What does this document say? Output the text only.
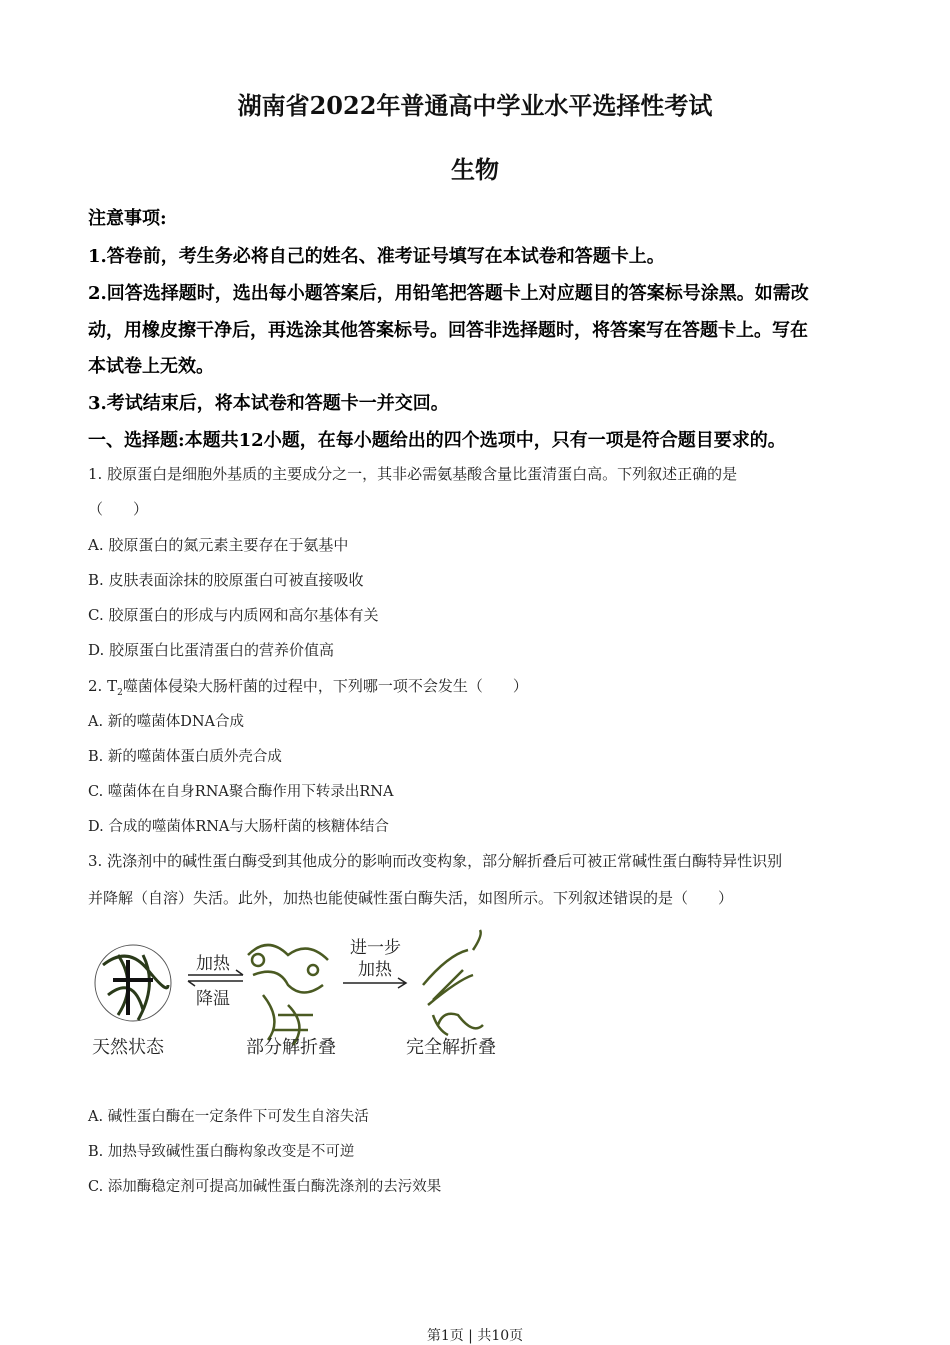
湖南省2022年普通高中学业水平选择性考试
生物
注意事项:
1.答卷前，考生务必将自己的姓名、准考证号填写在本试卷和答题卡上。
2.回答选择题时，选出每小题答案后，用铅笔把答题卡上对应题目的答案标号涂黑。如需改
动，用橡皮擦干净后，再选涂其他答案标号。回答非选择题时，将答案写在答题卡上。写在
本试卷上无效。
3.考试结束后，将本试卷和答题卡一并交回。
一、选择题:本题共12小题，在每小题给出的四个选项中，只有一项是符合题目要求的。
1. 胶原蛋白是细胞外基质的主要成分之一，其非必需氨基酸含量比蛋清蛋白高。下列叙述正确的是
（　　）
A. 胶原蛋白的氮元素主要存在于氨基中
B. 皮肤表面涂抹的胶原蛋白可被直接吸收
C. 胶原蛋白的形成与内质网和高尔基体有关
D. 胶原蛋白比蛋清蛋白的营养价值高
2. $T_2$噬菌体侵染大肠杆菌的过程中，下列哪一项不会发生（　　）
A. 新的噬菌体DNA合成
B. 新的噬菌体蛋白质外壳合成
C. 噬菌体在自身RNA聚合酶作用下转录出RNA
D. 合成的噬菌体RNA与大肠杆菌的核糖体结合
3. 洗涤剂中的碱性蛋白酶受到其他成分的影响而改变构象，部分解折叠后可被正常碱性蛋白酶特异性识别
并降解（自溶）失活。此外，加热也能使碱性蛋白酶失活，如图所示。下列叙述错误的是（　　）
加热
降温
进一步
加热
天然状态	部分解折叠	完全解折叠
A. 碱性蛋白酶在一定条件下可发生自溶失活
B. 加热导致碱性蛋白酶构象改变是不可逆
C. 添加酶稳定剂可提高加碱性蛋白酶洗涤剂的去污效果
第1页 | 共10页
